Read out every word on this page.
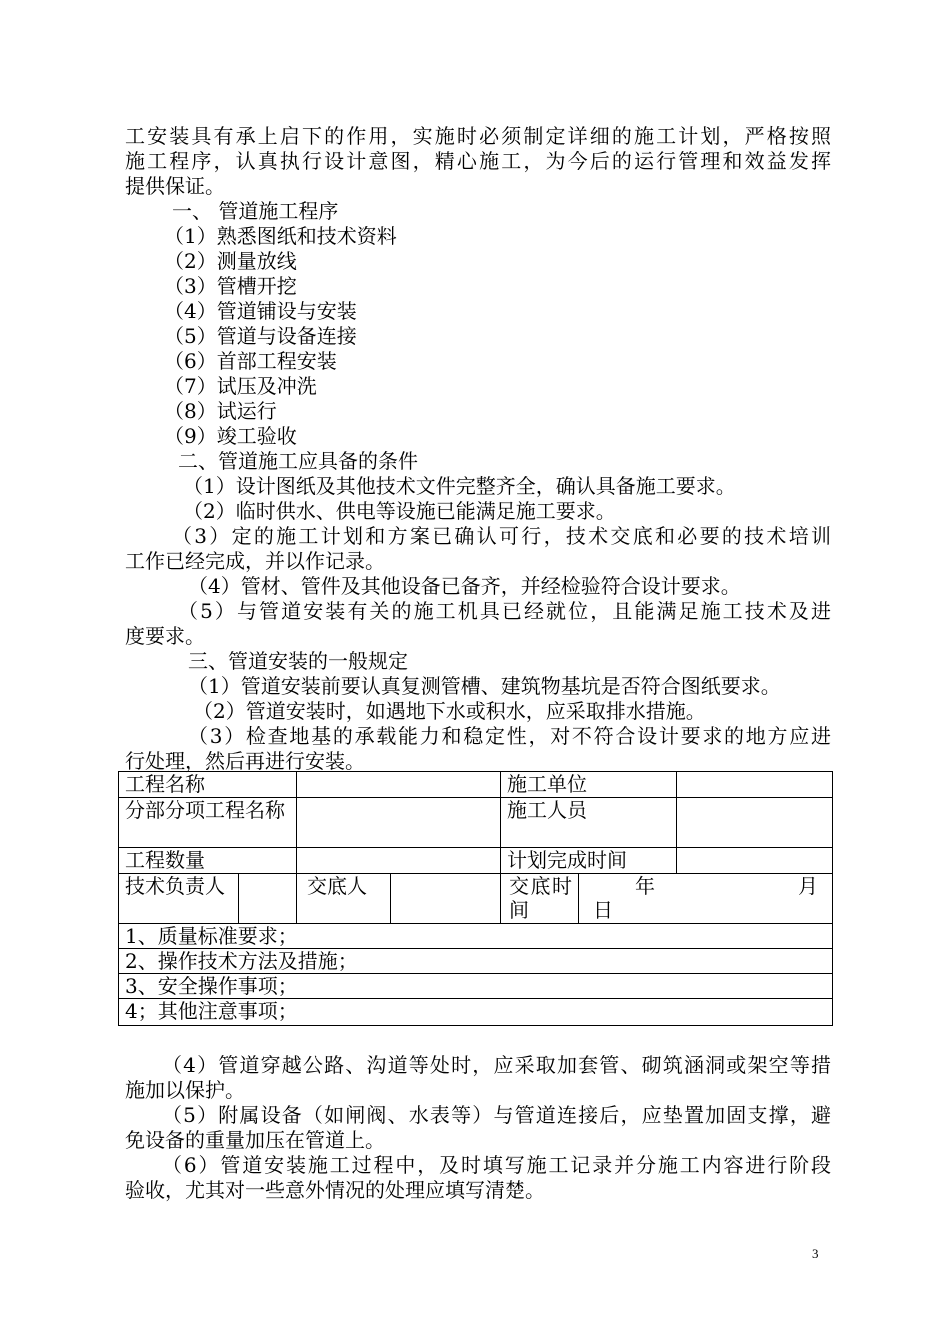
工安装具有承上启下的作用，实施时必须制定详细的施工计划，严格按照
施工程序，认真执行设计意图，精心施工，为今后的运行管理和效益发挥
提供保证。
一、 管道施工程序
（1）熟悉图纸和技术资料
（2）测量放线
（3）管槽开挖
（4）管道铺设与安装
（5）管道与设备连接
（6）首部工程安装
（7）试压及冲洗
（8）试运行
（9）竣工验收
二、管道施工应具备的条件
（1）设计图纸及其他技术文件完整齐全，确认具备施工要求。
（2）临时供水、供电等设施已能满足施工要求。
（3）定的施工计划和方案已确认可行，技术交底和必要的技术培训
工作已经完成，并以作记录。
（4）管材、管件及其他设备已备齐，并经检验符合设计要求。
（5）与管道安装有关的施工机具已经就位，且能满足施工技术及进
度要求。
三、管道安装的一般规定
（1）管道安装前要认真复测管槽、建筑物基坑是否符合图纸要求。
（2）管道安装时，如遇地下水或积水，应采取排水措施。
（3）检查地基的承载能力和稳定性，对不符合设计要求的地方应进
行处理，然后再进行安装。
工程名称				施工单位		
分部分项工程名称				施工人员		
工程数量				计划完成时间		
技术负责人		交底人		交底时间	年 月
日	

1、质量标准要求；						
2、操作技术方法及措施；						
3、安全操作事项；						
4；其他注意事项；						
（4）管道穿越公路、沟道等处时，应采取加套管、砌筑涵洞或架空等措
施加以保护。
（5）附属设备（如闸阀、水表等）与管道连接后，应垫置加固支撑，避
免设备的重量加压在管道上。
（6）管道安装施工过程中，及时填写施工记录并分施工内容进行阶段
验收，尤其对一些意外情况的处理应填写清楚。
3
